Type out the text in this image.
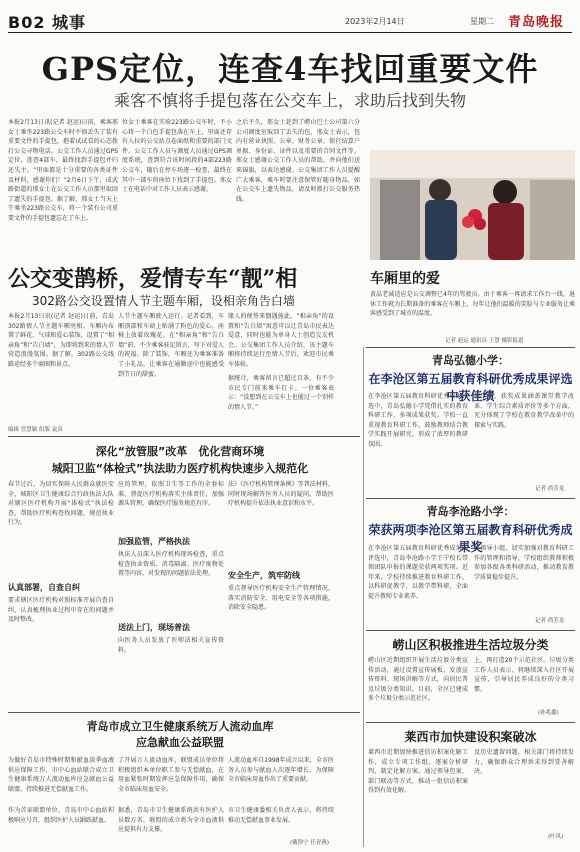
B02 城事	2023年2月14日	星期二 青岛晚报
GPS定位，连查4车找回重要文件
乘客不慎将手提包落在公交车上，求助后找到失物
本报2月13日讯(记者 赵运)日前，乘客邢女士乘坐223路公交车时不慎丢失了装有重要文件的手提包，抱着试试看的心态拨打公交寻物电话。公交工作人员通过GPS定位，连查4部车，最终找到手提包并归还失主。“里面都是十分重要的各类证件及材料，感谢你们！”2月6日下午，成武路街道的邢女士在公交工作人员那里取回了遗失的手提包。据了解，邢女士当天上午乘坐223路公交车，将一个装有公司重要文件的手提包遗忘在了车上。
位女士乘客在实验223路公交车时，不小心将一个白色手提包落在车上，里面还存有人拉的公交站点卷面纸和重要的部门文件。公交工作人员与调度人员通过GPS调度系统，查到符合该时间段的4部223路公交车，随后在停车场逐一检查，最终在其中一部车的座位下找到了手提包。邢女士在电话中对工作人员表示感谢。
之后不久，邢女士赶到了崂山巴士公司第六分公司调度室取回了丢失的包，邢女士表示，包内有营业执照、公章、财务公章、银行结算户单据、身份证、证件以及重要的合同文件等。邢女士感谢公交工作人员的帮助，并向他们送来锦旗，以表达感谢。公交集团工作人员提醒广大乘客，乘车时要注意保管好随身物品，如在公交车上遗失物品，请及时拨打公交服务热线。
车厢里的爱
黄晶老诚适应是公交调整已4年的驾驶员。由于乘客一再请求工作台一线，退休工作就为长期准备的乘客在车厢上，每年让他们温暖的笑脸与专业服务让乘客感受到了城市的温度。
记者 赵运 通讯员 王慧 摄影报道
公交变鹊桥，爱情专车“靓”相
302路公交设置情人节主题车厢，设相亲角告白墙
本报2月13日讯(记者 赵运)日前，青岛302路情人节主题车厢亮相。车厢内布置了鲜花、气球和爱心装饰，设置了“相亲角”和“告白墙”，为即将到来的情人节营造浪漫氛围。据了解，302路公交线路途经多个商圈和景点。
人节主题车厢驶入运行。记者看到，车厢顶部和车窗上贴满了粉色的爱心，座椅上放着玫瑰花。在“相亲角”和“告白墙”前，不少乘客驻足留言，写下对爱人的祝福。除了装饰，车厢还为乘客准备了小礼品，让乘客在通勤途中也能感受到节日的甜蜜。
缘人的便签来偶遇彼此。“相亲角”的设置和“告白墙”寓意可以让青岛市民表达爱意，同时也能为单身人士创造交友机会。公交集团工作人员介绍，该主题车厢将持续运行至情人节后，欢迎市民乘车体验。
据统计，乘客留言已超过百条，有不少市民专门前来乘车打卡。一位乘客表示：“没想到在公交车上也能过一个别样的情人节。”
编辑 管慧颖 组版 袁真
青岛弘德小学：
在李沧区第五届教育科研优秀成果评选中获佳绩
在李沧区第五届教育科研优秀成果评选中，青岛弘德小学凭借扎实的教育科研工作，多项成果获奖。学校一直重视教育科研工作，鼓励教师结合教学实践开展研究，形成了浓厚的教研氛围。
据了解，获奖成果涵盖课堂教学改革、学生综合素质评价等多个方面，充分体现了学校在教育教学改革中的探索与实践。
记者 尚芳龙
青岛李沧路小学：
荣获两项李沧区第五届教育科研优秀成果奖
在李沧区第五届教育科研优秀成果的评选中，青岛李沧路小学王宁校长带领团队申报的课题荣获两项奖项。近年来，学校持续推进教育科研工作，以科研促教学，以教学带科研，全面提升教师专业素养。
研领导小组，切实加强对教育科研工作的管理和指导，学校组织教师积极参加各级各类科研活动，推动教育教学质量稳步提升。
记者 尚芳龙
崂山区积极推进生活垃圾分类
崂山区近期组织开展生活垃圾分类宣传活动，通过设置宣传展板、发放宣传资料、现场讲解等方式，向居民普及垃圾分类知识。目前，全区已建成多个垃圾分类示范社区。
上、再打造20个示范社区。垃圾分类工作人员表示，将继续深入社区开展宣传，引导居民养成良好的分类习惯。
(孙兆鑫)
莱西市加快建设积案破冰
莱西市近期加快推进信访积案化解工作，成立专项工作组，逐案分析研判，制定化解方案。通过领导包案、部门联动等方式，推动一批信访积案得到有效化解。
及历史遗留问题，相关部门将持续发力，确保群众合理诉求得到妥善解决。
(叶风)
深化“放管服”改革　优化营商环境
城阳卫监“体检式”执法助力医疗机构快速步入规范化
春节过后，为切实保障人民群众就医安全，城阳区卫生健康综合行政执法大队对辖区医疗机构开展“体检式”执法检查，帮助医疗机构查找问题，规范执业行为。
认真部署，自查自纠
要求辖区医疗机构对照标准开展自查自纠，认真梳理执业过程中存在的问题并及时整改。
应的管理，依照卫生等工作的全套标准，督促医疗机构落实主体责任，加强源头管理，确保医疗服务规范有序。
加强监管，严格执法
执法人员深入医疗机构现场检查，重点检查执业资质、消毒隔离、医疗废物处置等内容，对发现的问题依法处理。
送法上门，现场普法
向医务人员发放了医师法相关宣传资料。
法》《医疗机构管理条例》等普法材料，同时现场解答医务人员的疑问，帮助医疗机构提升依法执业意识和水平。
安全生产，筑牢防线
重点督导医疗机构安全生产管理情况，落实消防安全、用电安全等各项措施，消除安全隐患。
青岛市成立卫生健康系统万人流动血库
应急献血公益联盟
为做好青岛市特殊时期和献血淡季血液供应保障工作，市中心血站联合成立卫生健康系统万人流动血库应急献血公益联盟，持续推进无偿献血工作。
作为首家联盟单位，青岛市中心血站积极响应号召，组织医护人员踊跃献血。
了开展万人流动血库，联盟成员单位将积极组织本单位职工参与无偿献血，在用血紧张时期发挥应急保障作用，确保全市临床用血安全。
据悉，青岛市卫生健康系统共有医护人员数万名，联盟的成立将为全市血液供应提供有力支撑。
人流动血库自1998年成立以来，全市医务人员参与献血人次逐年增长，为保障全市临床用血作出了重要贡献。
市卫生健康委相关负责人表示，将持续推动无偿献血事业发展。
(戴铮宁 任青燕)
